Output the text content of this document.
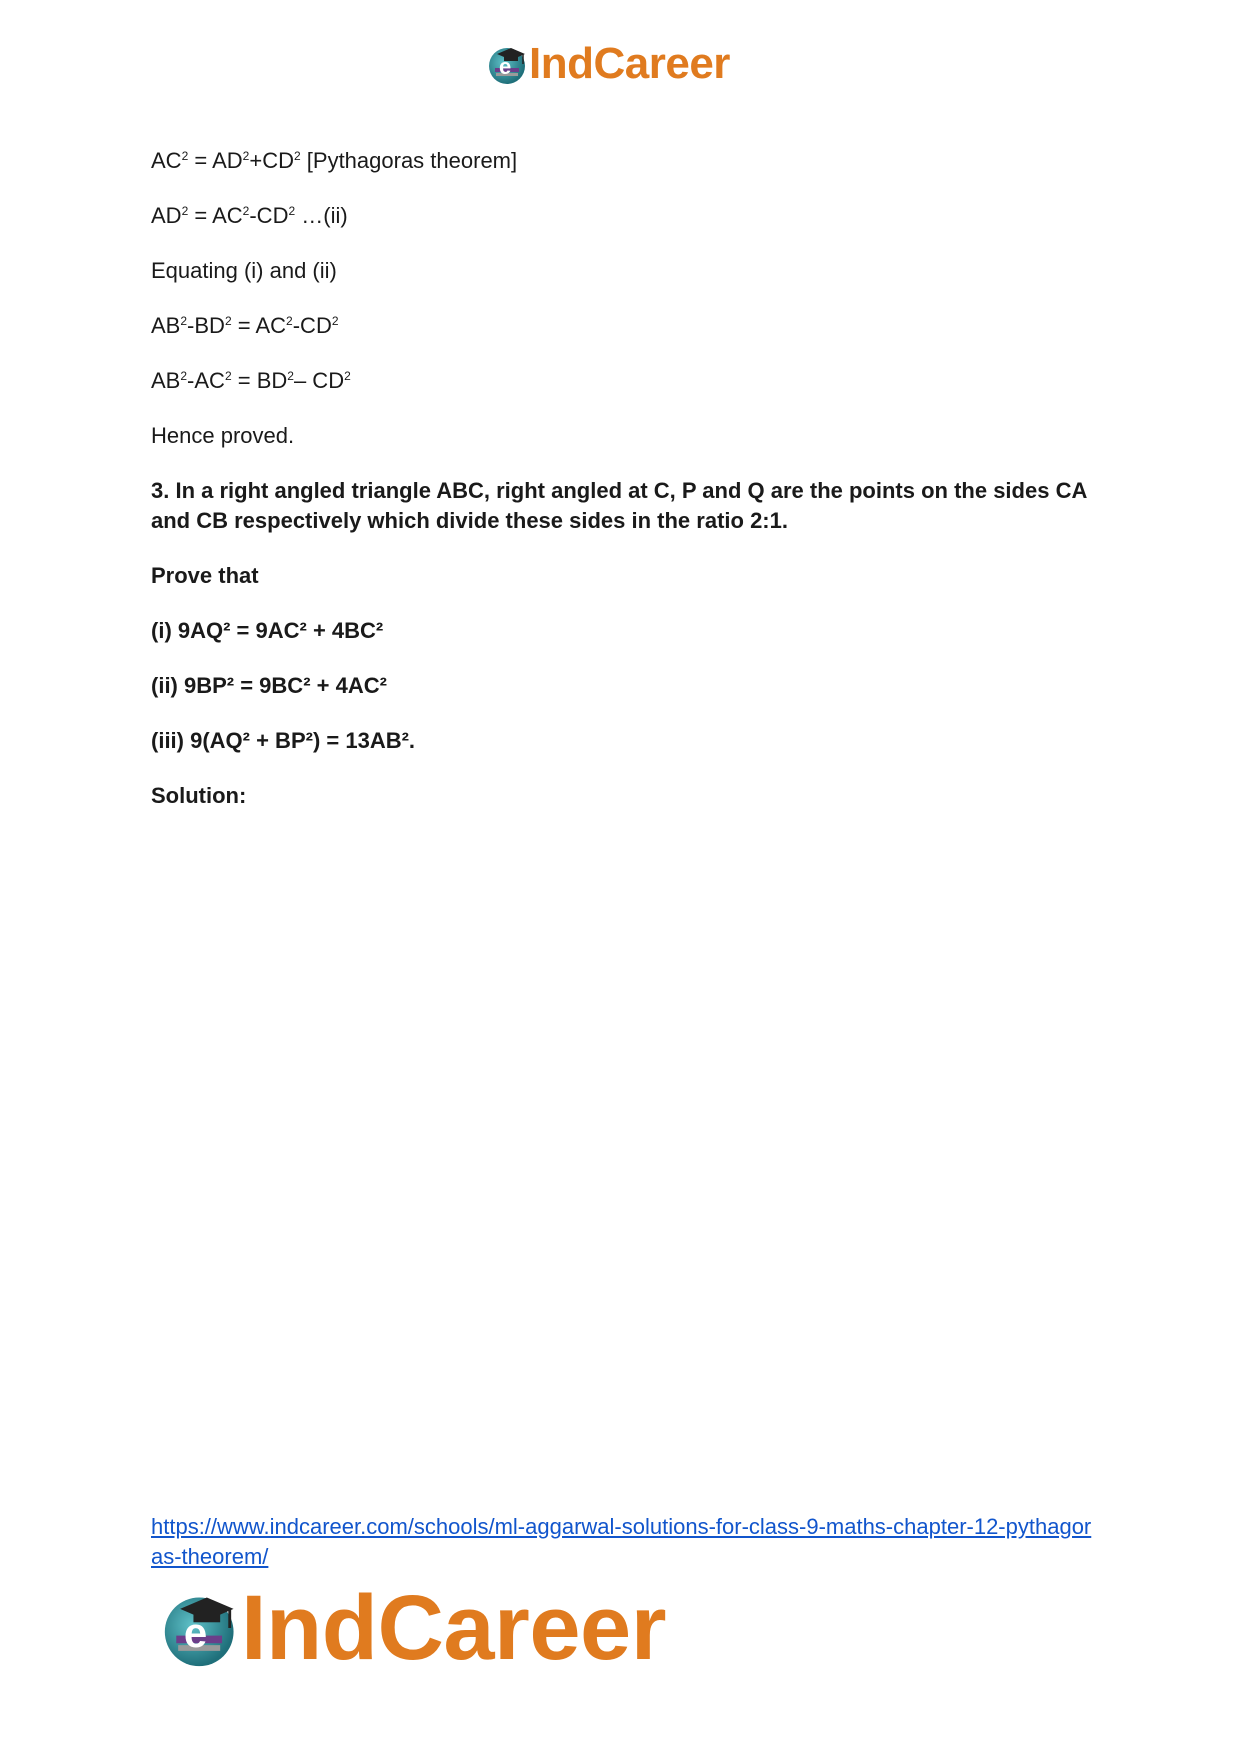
e IndCareer

$AC^2 = AD^2+CD^2$ [Pythagoras theorem]

$AD^2 = AC^2-CD^2$ …(ii)

Equating (i) and (ii)

$AB^2-BD^2 = AC^2-CD^2$

$AB^2-AC^2 = BD^2-$ $CD^2$

Hence proved.

3. In a right angled triangle ABC, right angled at C, P and Q are the points on the sides CA and CB respectively which divide these sides in the ratio 2:1.

Prove that

(i) 9AQ² = 9AC² + 4BC²

(ii) 9BP² = 9BC² + 4AC²

(iii) 9(AQ² + BP²) = 13AB².

Solution:

https://www.indcareer.com/schools/ml-aggarwal-solutions-for-class-9-maths-chapter-12-pythagoras-theorem/
e IndCareer
